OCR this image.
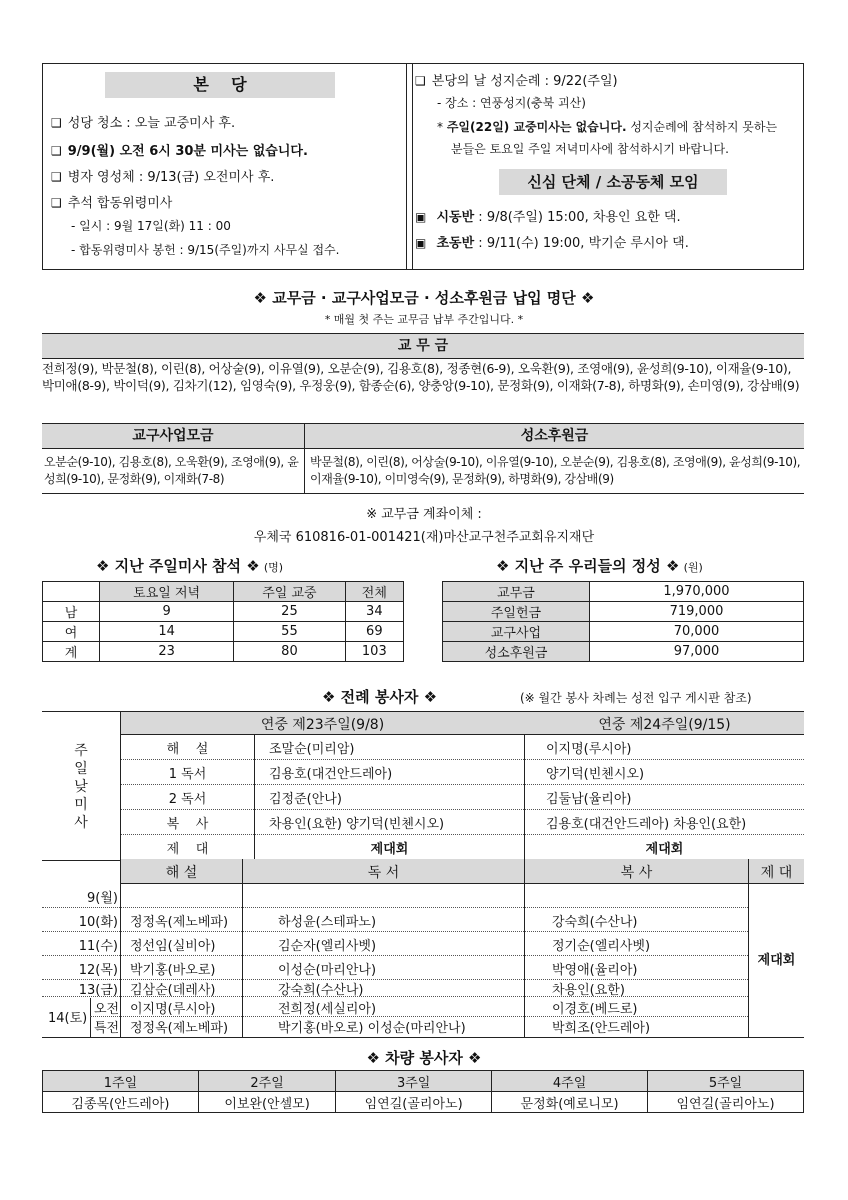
본    당
❑ 성당 청소 : 오늘 교중미사 후.
❑ 9/9(월) 오전 6시 30분 미사는 없습니다.
❑ 병자 영성체 : 9/13(금) 오전미사 후.
❑ 추석 합동위령미사
- 일시 : 9월 17일(화) 11 : 00
- 합동위령미사 봉헌 : 9/15(주일)까지 사무실 접수.
❑ 본당의 날 성지순례 : 9/22(주일)
- 장소 : 연풍성지(충북 괴산)
* 주일(22일) 교중미사는 없습니다. 성지순례에 참석하지 못하는
분들은 토요일 주일 저녁미사에 참석하시기 바랍니다.
신심 단체 / 소공동체 모임
▣ 시동반 : 9/8(주일) 15:00, 차용인 요한 댁.
▣ 초동반 : 9/11(수) 19:00, 박기순 루시아 댁.
❖ 교무금 · 교구사업모금 · 성소후원금 납입 명단 ❖
* 매월 첫 주는 교무금 납부 주간입니다. *
교 무 금
전희정(9), 박문철(8), 이린(8), 어상술(9), 이유열(9), 오분순(9), 김용호(8), 정종현(6-9), 오욱환(9), 조영애(9), 윤성희(9-10), 이재율(9-10), 박미애(8-9), 박이덕(9), 김차기(12), 임영숙(9), 우정웅(9), 함종순(6), 양충앙(9-10), 문정화(9), 이재화(7-8), 하명화(9), 손미영(9), 강삼배(9)
교구사업모금	성소후원금
오분순(9-10), 김용호(8), 오욱환(9), 조영애(9), 윤성희(9-10), 문정화(9), 이재화(7-8)
박문철(8), 이린(8), 어상술(9-10), 이유열(9-10), 오분순(9), 김용호(8), 조영애(9), 윤성희(9-10), 이재율(9-10), 이미영숙(9), 문정화(9), 하명화(9), 강삼배(9)
※ 교무금 계좌이체 :
우체국 610816-01-001421(재)마산교구천주교회유지재단
❖ 지난 주일미사 참석 ❖ (명)
	토요일 저녁	주일 교중	전체
남	9	25	34
여	14	55	69
계	23	80	103
❖ 지난 주 우리들의 정성 ❖ (원)
교무금	1,970,000
주일헌금	719,000
교구사업	70,000
성소후원금	97,000
❖ 전례 봉사자 ❖	(※ 월간 봉사 차례는 성전 입구 게시판 참조)
연중 제23주일(9/8)	연중 제24주일(9/15)
주일낮미사
해    설	조말순(미리암)	이지명(루시아)
1 독서	김용호(대건안드레아)	양기덕(빈첸시오)
2 독서	김정준(안나)	김둘남(율리아)
복    사	차용인(요한) 양기덕(빈첸시오)	김용호(대건안드레아) 차용인(요한)
제    대	제대회	제대회
해 설	독 서	복 사	제 대
제대회
9(월)
10(화) 정정옥(제노베파)	하성윤(스테파노)	강숙희(수산나)
11(수) 정선임(실비아)	김순자(엘리사벳)	정기순(엘리사벳)
12(목) 박기홍(바오로)	이성순(마리안나)	박영애(율리아)
13(금) 김삼순(데레사)	강숙희(수산나)	차용인(요한)
14(토)
오전 이지명(루시아)	전희정(세실리아)	이경호(베드로)
특전 정정옥(제노베파)	박기홍(바오로) 이성순(마리안나)	박희조(안드레아)
❖ 차량 봉사자 ❖
1주일	2주일	3주일	4주일	5주일
김종목(안드레아)	이보완(안셀모)	임연길(골리아노)	문정화(예로니모)	임연길(골리아노)
